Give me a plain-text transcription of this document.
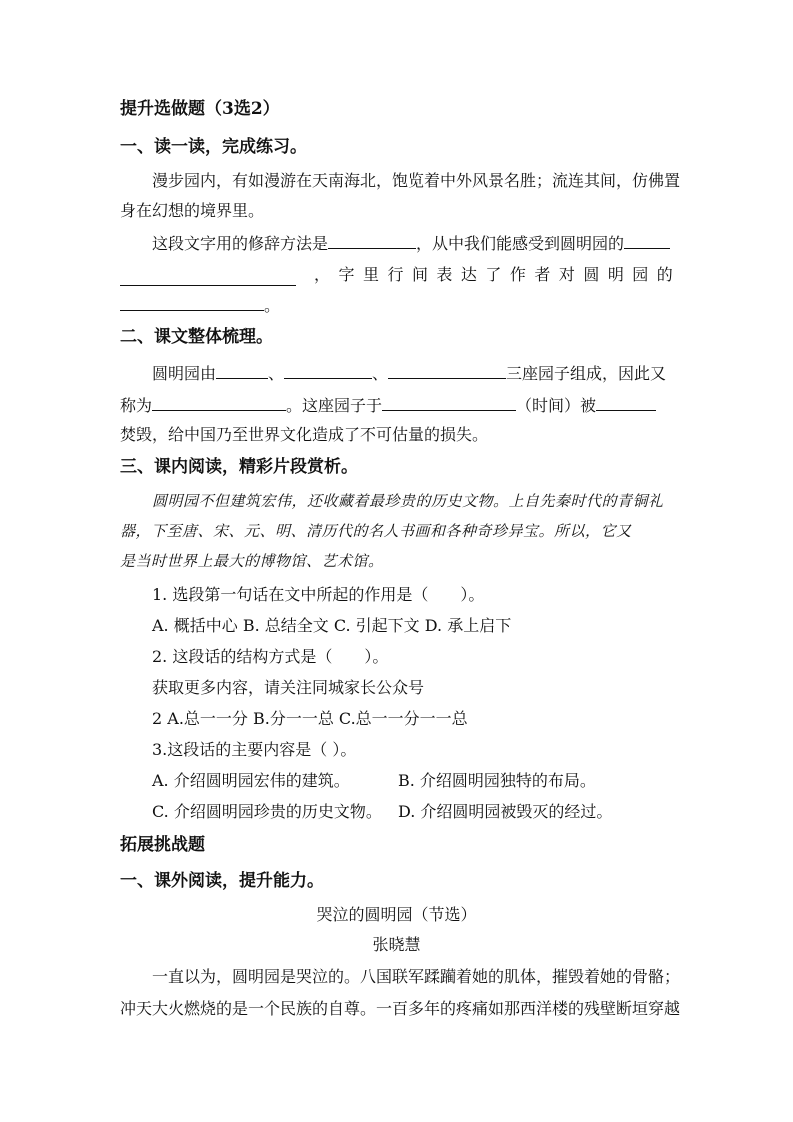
提升选做题（3选2）
一、读一读，完成练习。
漫步园内，有如漫游在天南海北，饱览着中外风景名胜；流连其间，仿佛置
身在幻想的境界里。
这段文字用的修辞方法是	，从中我们能感受到圆明园的
， 字 里 行 间 表 达 了 作 者 对 圆 明 园 的
。
二、课文整体梳理。
圆明园由	、	、	三座园子组成，因此又
称为	。这座园子于	（时间）被
焚毁，给中国乃至世界文化造成了不可估量的损失。
三、课内阅读，精彩片段赏析。
圆明园不但建筑宏伟，还收藏着最珍贵的历史文物。上自先秦时代的青铜礼
器，下至唐、宋、元、明、清历代的名人书画和各种奇珍异宝。所以，它又
是当时世界上最大的博物馆、艺术馆。
1. 选段第一句话在文中所起的作用是（　　）。
A. 概括中心 B. 总结全文 C. 引起下文 D. 承上启下
2. 这段话的结构方式是（　　）。
获取更多内容，请关注同城家长公众号
2 A.总一一分 B.分一一总 C.总一一分一一总
3.这段话的主要内容是（ ）。
A. 介绍圆明园宏伟的建筑。	B. 介绍圆明园独特的布局。
C. 介绍圆明园珍贵的历史文物。 D. 介绍圆明园被毁灭的经过。
拓展挑战题
一、课外阅读，提升能力。
哭泣的圆明园（节选）
张晓慧
一直以为，圆明园是哭泣的。八国联军蹂躏着她的肌体，摧毁着她的骨骼；
冲天大火燃烧的是一个民族的自尊。一百多年的疼痛如那西洋楼的残壁断垣穿越
